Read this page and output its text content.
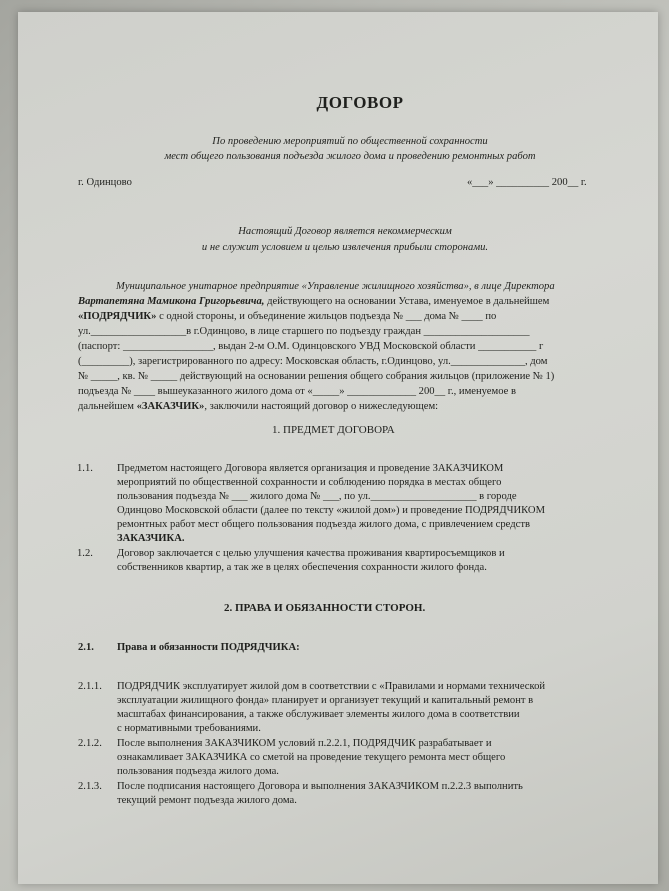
ДОГОВОР
По проведению мероприятий по общественной сохранности
мест общего пользования подъезда жилого дома и проведению ремонтных работ
г. Одинцово	«___» __________ 200__ г.
Настоящий Договор является некоммерческим
и не служит условием и целью извлечения прибыли сторонами.
Муниципальное унитарное предприятие «Управление жилищного хозяйства», в лице Директора
Вартапетяна Мамикона Григорьевича, действующего на основании Устава, именуемое в дальнейшем
«ПОДРЯДЧИК» с одной стороны, и объединение жильцов подъезда № ___ дома № ____ по
ул.__________________в г.Одинцово, в лице старшего по подъезду граждан ____________________
(паспорт: _________________, выдан 2-м О.М. Одинцовского УВД Московской области ___________ г
(_________), зарегистрированного по адресу: Московская область, г.Одинцово, ул.______________, дом
№ _____, кв. № _____ действующий на основании решения общего собрания жильцов (приложение № 1)
подъезда № ____ вышеуказанного жилого дома от «_____» _____________ 200__ г., именуемое в
дальнейшем «ЗАКАЗЧИК», заключили настоящий договор о нижеследующем:
1. ПРЕДМЕТ ДОГОВОРА
1.1. Предметом настоящего Договора является организация и проведение ЗАКАЗЧИКОМ
мероприятий по общественной сохранности и соблюдению порядка в местах общего
пользования подъезда № ___ жилого дома № ___, по ул.____________________ в городе
Одинцово Московской области (далее по тексту «жилой дом») и проведение ПОДРЯДЧИКОМ
ремонтных работ мест общего пользования подъезда жилого дома, с привлечением средств
ЗАКАЗЧИКА.
1.2. Договор заключается с целью улучшения качества проживания квартиросъемщиков и
собственников квартир, а так же в целях обеспечения сохранности жилого фонда.
2. ПРАВА И ОБЯЗАННОСТИ СТОРОН.
2.1. Права и обязанности ПОДРЯДЧИКА:
2.1.1. ПОДРЯДЧИК эксплуатирует жилой дом в соответствии с «Правилами и нормами технической
эксплуатации жилищного фонда» планирует и организует текущий и капитальный ремонт в
масштабах финансирования, а также обслуживает элементы жилого дома в соответствии
с нормативными требованиями.
2.1.2. После выполнения ЗАКАЗЧИКОМ условий п.2.2.1, ПОДРЯДЧИК разрабатывает и
ознакамливает ЗАКАЗЧИКА со сметой на проведение текущего ремонта мест общего
пользования подъезда жилого дома.
2.1.3. После подписания настоящего Договора и выполнения ЗАКАЗЧИКОМ п.2.2.3 выполнить
текущий ремонт подъезда жилого дома.
